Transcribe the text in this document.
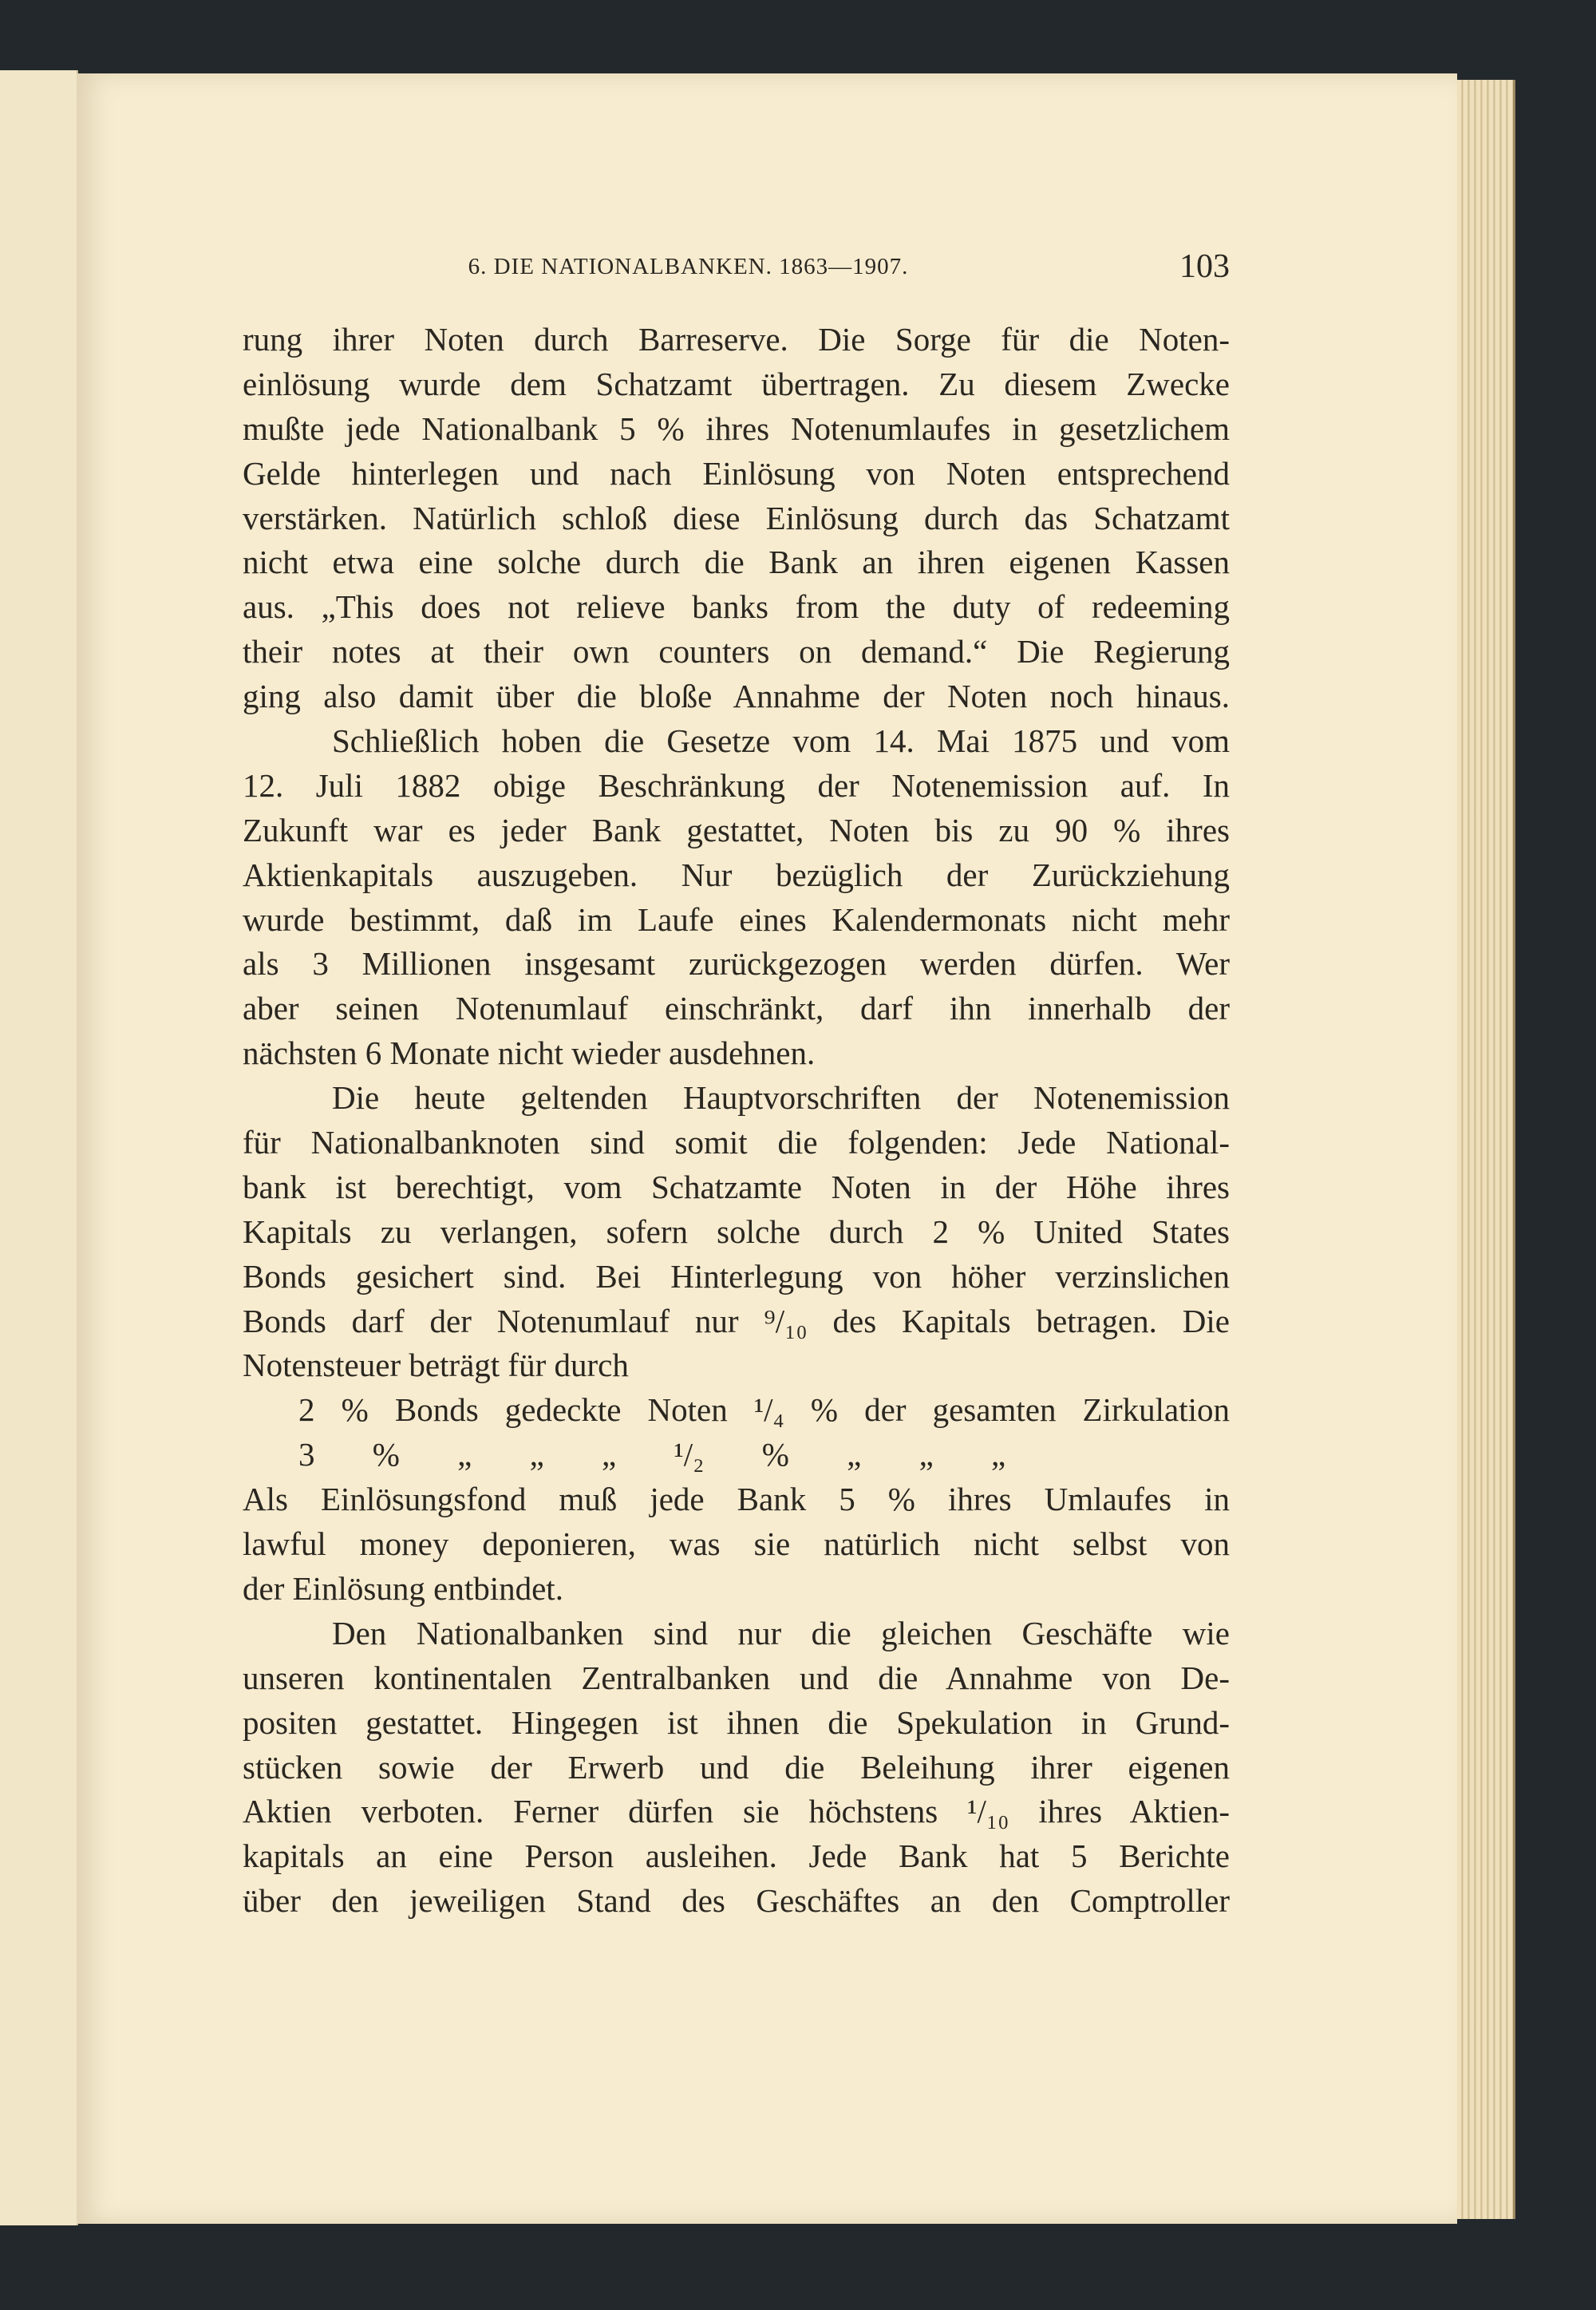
6. DIE NATIONALBANKEN. 1863—1907.	103
rung ihrer Noten durch Barreserve. Die Sorge für die Noten-
einlösung wurde dem Schatzamt übertragen. Zu diesem Zwecke
mußte jede Nationalbank 5 % ihres Notenumlaufes in gesetzlichem
Gelde hinterlegen und nach Einlösung von Noten entsprechend
verstärken. Natürlich schloß diese Einlösung durch das Schatzamt
nicht etwa eine solche durch die Bank an ihren eigenen Kassen
aus. „This does not relieve banks from the duty of redeeming
their notes at their own counters on demand.“ Die Regierung
ging also damit über die bloße Annahme der Noten noch hinaus.
Schließlich hoben die Gesetze vom 14. Mai 1875 und vom
12. Juli 1882 obige Beschränkung der Notenemission auf. In
Zukunft war es jeder Bank gestattet, Noten bis zu 90 % ihres
Aktienkapitals auszugeben. Nur bezüglich der Zurückziehung
wurde bestimmt, daß im Laufe eines Kalendermonats nicht mehr
als 3 Millionen insgesamt zurückgezogen werden dürfen. Wer
aber seinen Notenumlauf einschränkt, darf ihn innerhalb der
nächsten 6 Monate nicht wieder ausdehnen.
Die heute geltenden Hauptvorschriften der Notenemission
für Nationalbanknoten sind somit die folgenden: Jede National-
bank ist berechtigt, vom Schatzamte Noten in der Höhe ihres
Kapitals zu verlangen, sofern solche durch 2 % United States
Bonds gesichert sind. Bei Hinterlegung von höher verzinslichen
Bonds darf der Notenumlauf nur ⁹/₁₀ des Kapitals betragen. Die
Notensteuer beträgt für durch
2 % Bonds gedeckte Noten ¹/₄ % der gesamten Zirkulation
3 % „ „ „ ¹/₂ % „ „ „
Als Einlösungsfond muß jede Bank 5 % ihres Umlaufes in
lawful money deponieren, was sie natürlich nicht selbst von
der Einlösung entbindet.
Den Nationalbanken sind nur die gleichen Geschäfte wie
unseren kontinentalen Zentralbanken und die Annahme von De-
positen gestattet. Hingegen ist ihnen die Spekulation in Grund-
stücken sowie der Erwerb und die Beleihung ihrer eigenen
Aktien verboten. Ferner dürfen sie höchstens ¹/₁₀ ihres Aktien-
kapitals an eine Person ausleihen. Jede Bank hat 5 Berichte
über den jeweiligen Stand des Geschäftes an den Comptroller
